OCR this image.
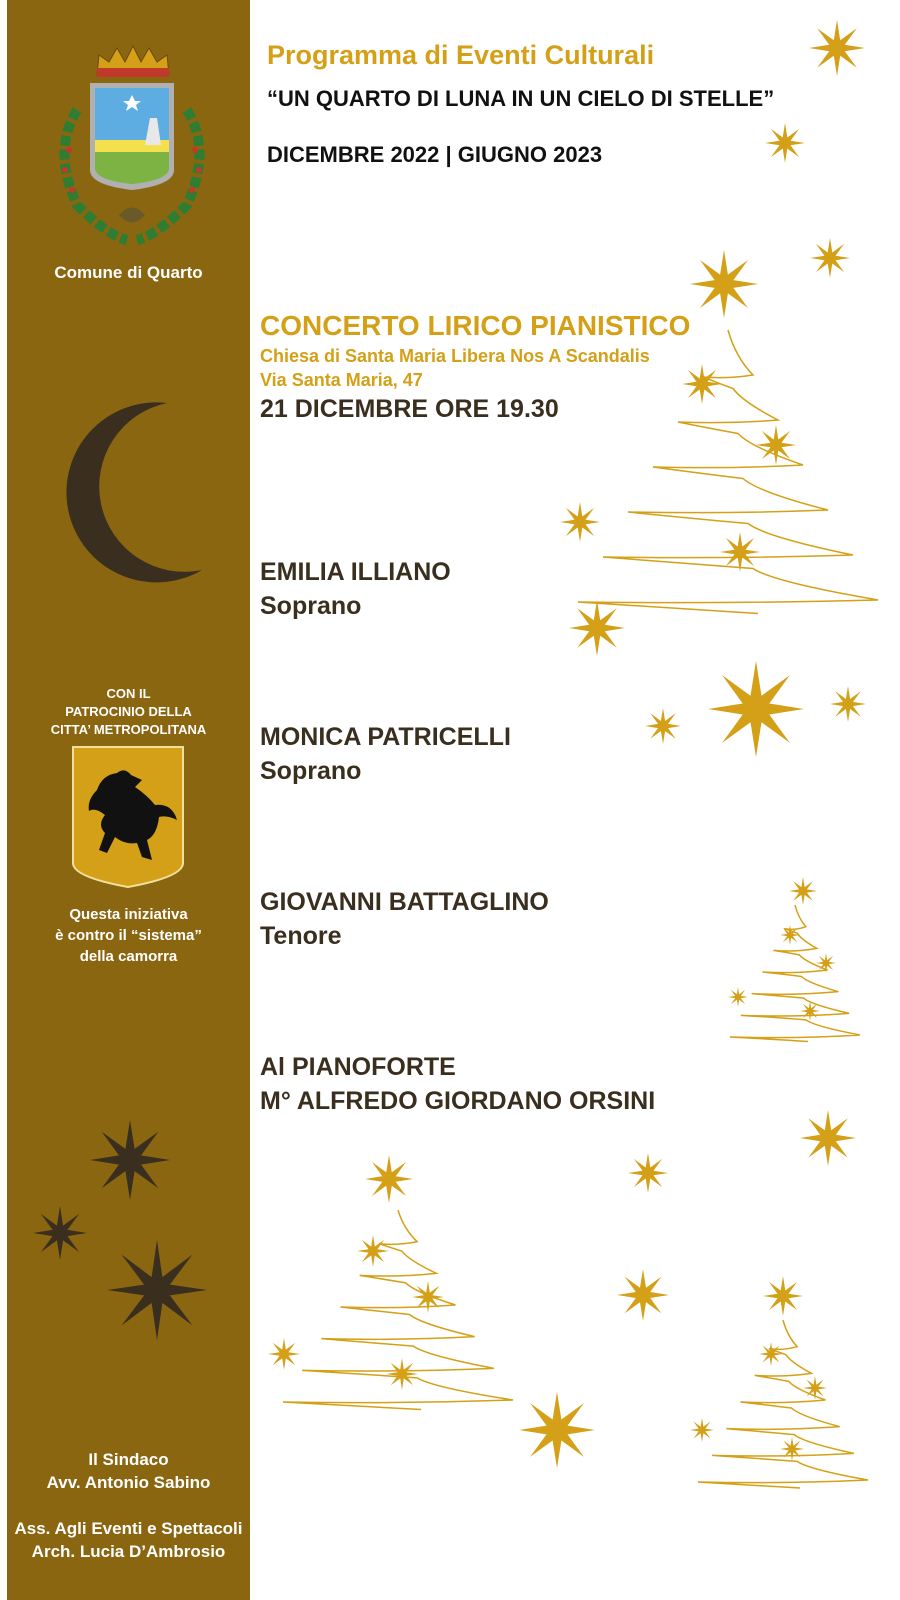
Comune di Quarto
CON IL
PATROCINIO DELLA
CITTA’ METROPOLITANA
Questa iniziativa
è contro il “sistema”
della camorra
Il Sindaco
Avv. Antonio Sabino
Ass. Agli Eventi e Spettacoli
Arch. Lucia D’Ambrosio
Programma di Eventi Culturali
“UN QUARTO DI LUNA IN UN CIELO DI STELLE”
DICEMBRE 2022 | GIUGNO 2023
CONCERTO LIRICO PIANISTICO
Chiesa di Santa Maria Libera Nos A Scandalis
Via Santa Maria, 47
21 DICEMBRE ORE 19.30
EMILIA ILLIANO
Soprano
MONICA PATRICELLI
Soprano
GIOVANNI BATTAGLINO
Tenore
Al PIANOFORTE
M° ALFREDO GIORDANO ORSINI
